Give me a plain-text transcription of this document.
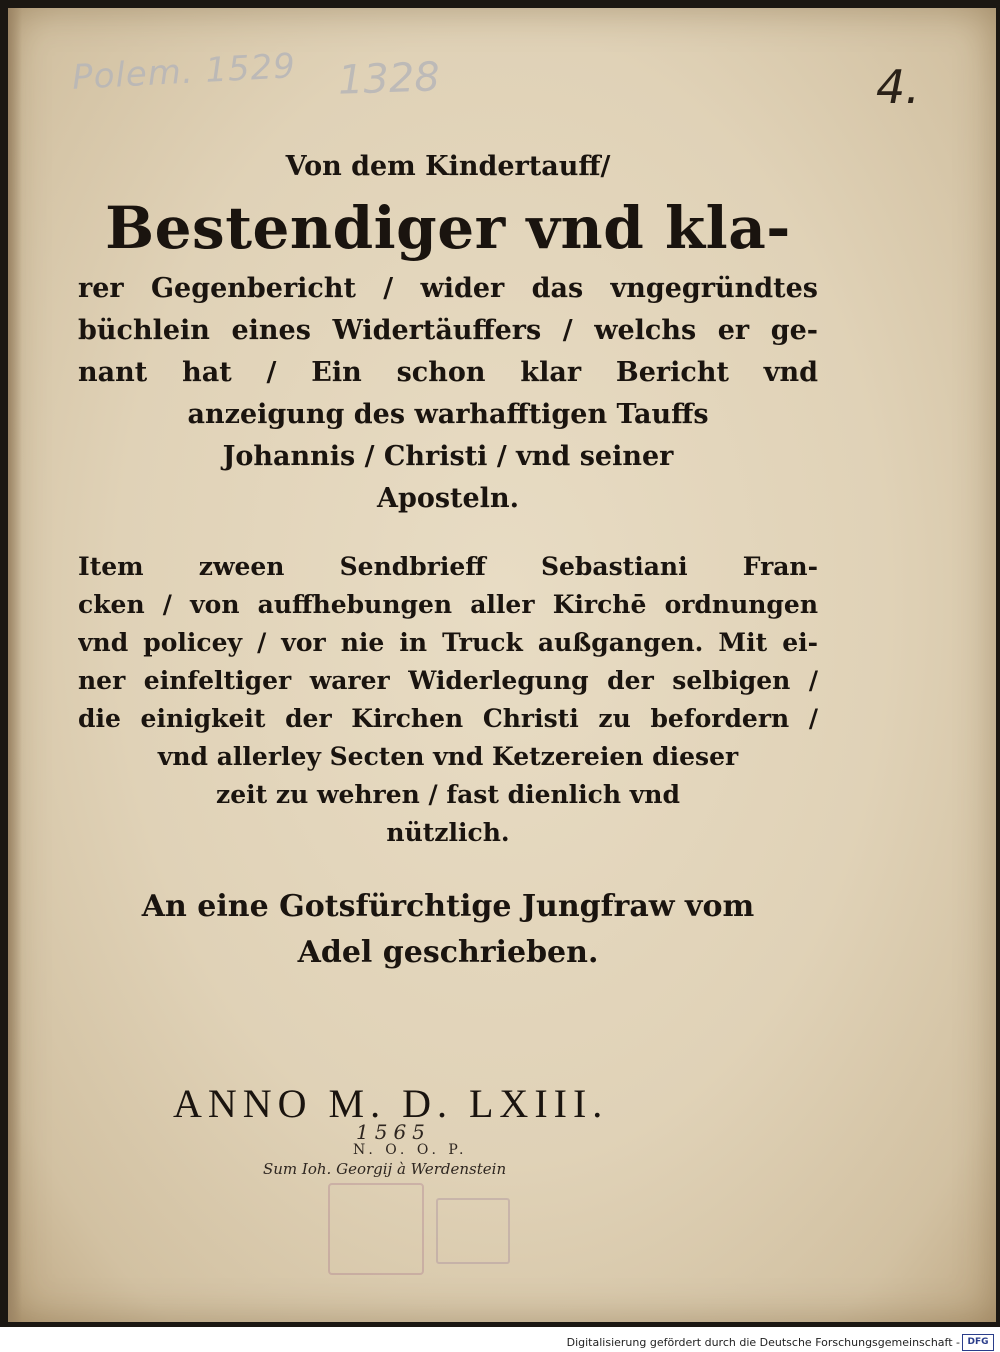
Polem. 1529 1328	4.
Von dem Kindertauff/
Bestendiger vnd kla-
rer Gegenbericht / wider das vngegründtes
büchlein eines Widertäuffers / welchs er ge-
nant hat / Ein schon klar Bericht vnd
anzeigung des warhafftigen Tauffs
Johannis / Christi / vnd seiner
Aposteln.
Item zween Sendbrieff Sebastiani Fran-
cken / von auffhebungen aller Kirchē ordnungen
vnd policey / vor nie in Truck außgangen. Mit ei-
ner einfeltiger warer Widerlegung der selbigen /
die einigkeit der Kirchen Christi zu befordern /
vnd allerley Secten vnd Ketzereien dieser
zeit zu wehren / fast dienlich vnd
nützlich.
An eine Gotsfürchtige Jungfraw vom
Adel geschrieben.
ANNO M. D. LXIII.
1565
N. O. O. P.
Sum Ioh. Georgij à Werdenstein
Digitalisierung gefördert durch die Deutsche Forschungsgemeinschaft - DFG
